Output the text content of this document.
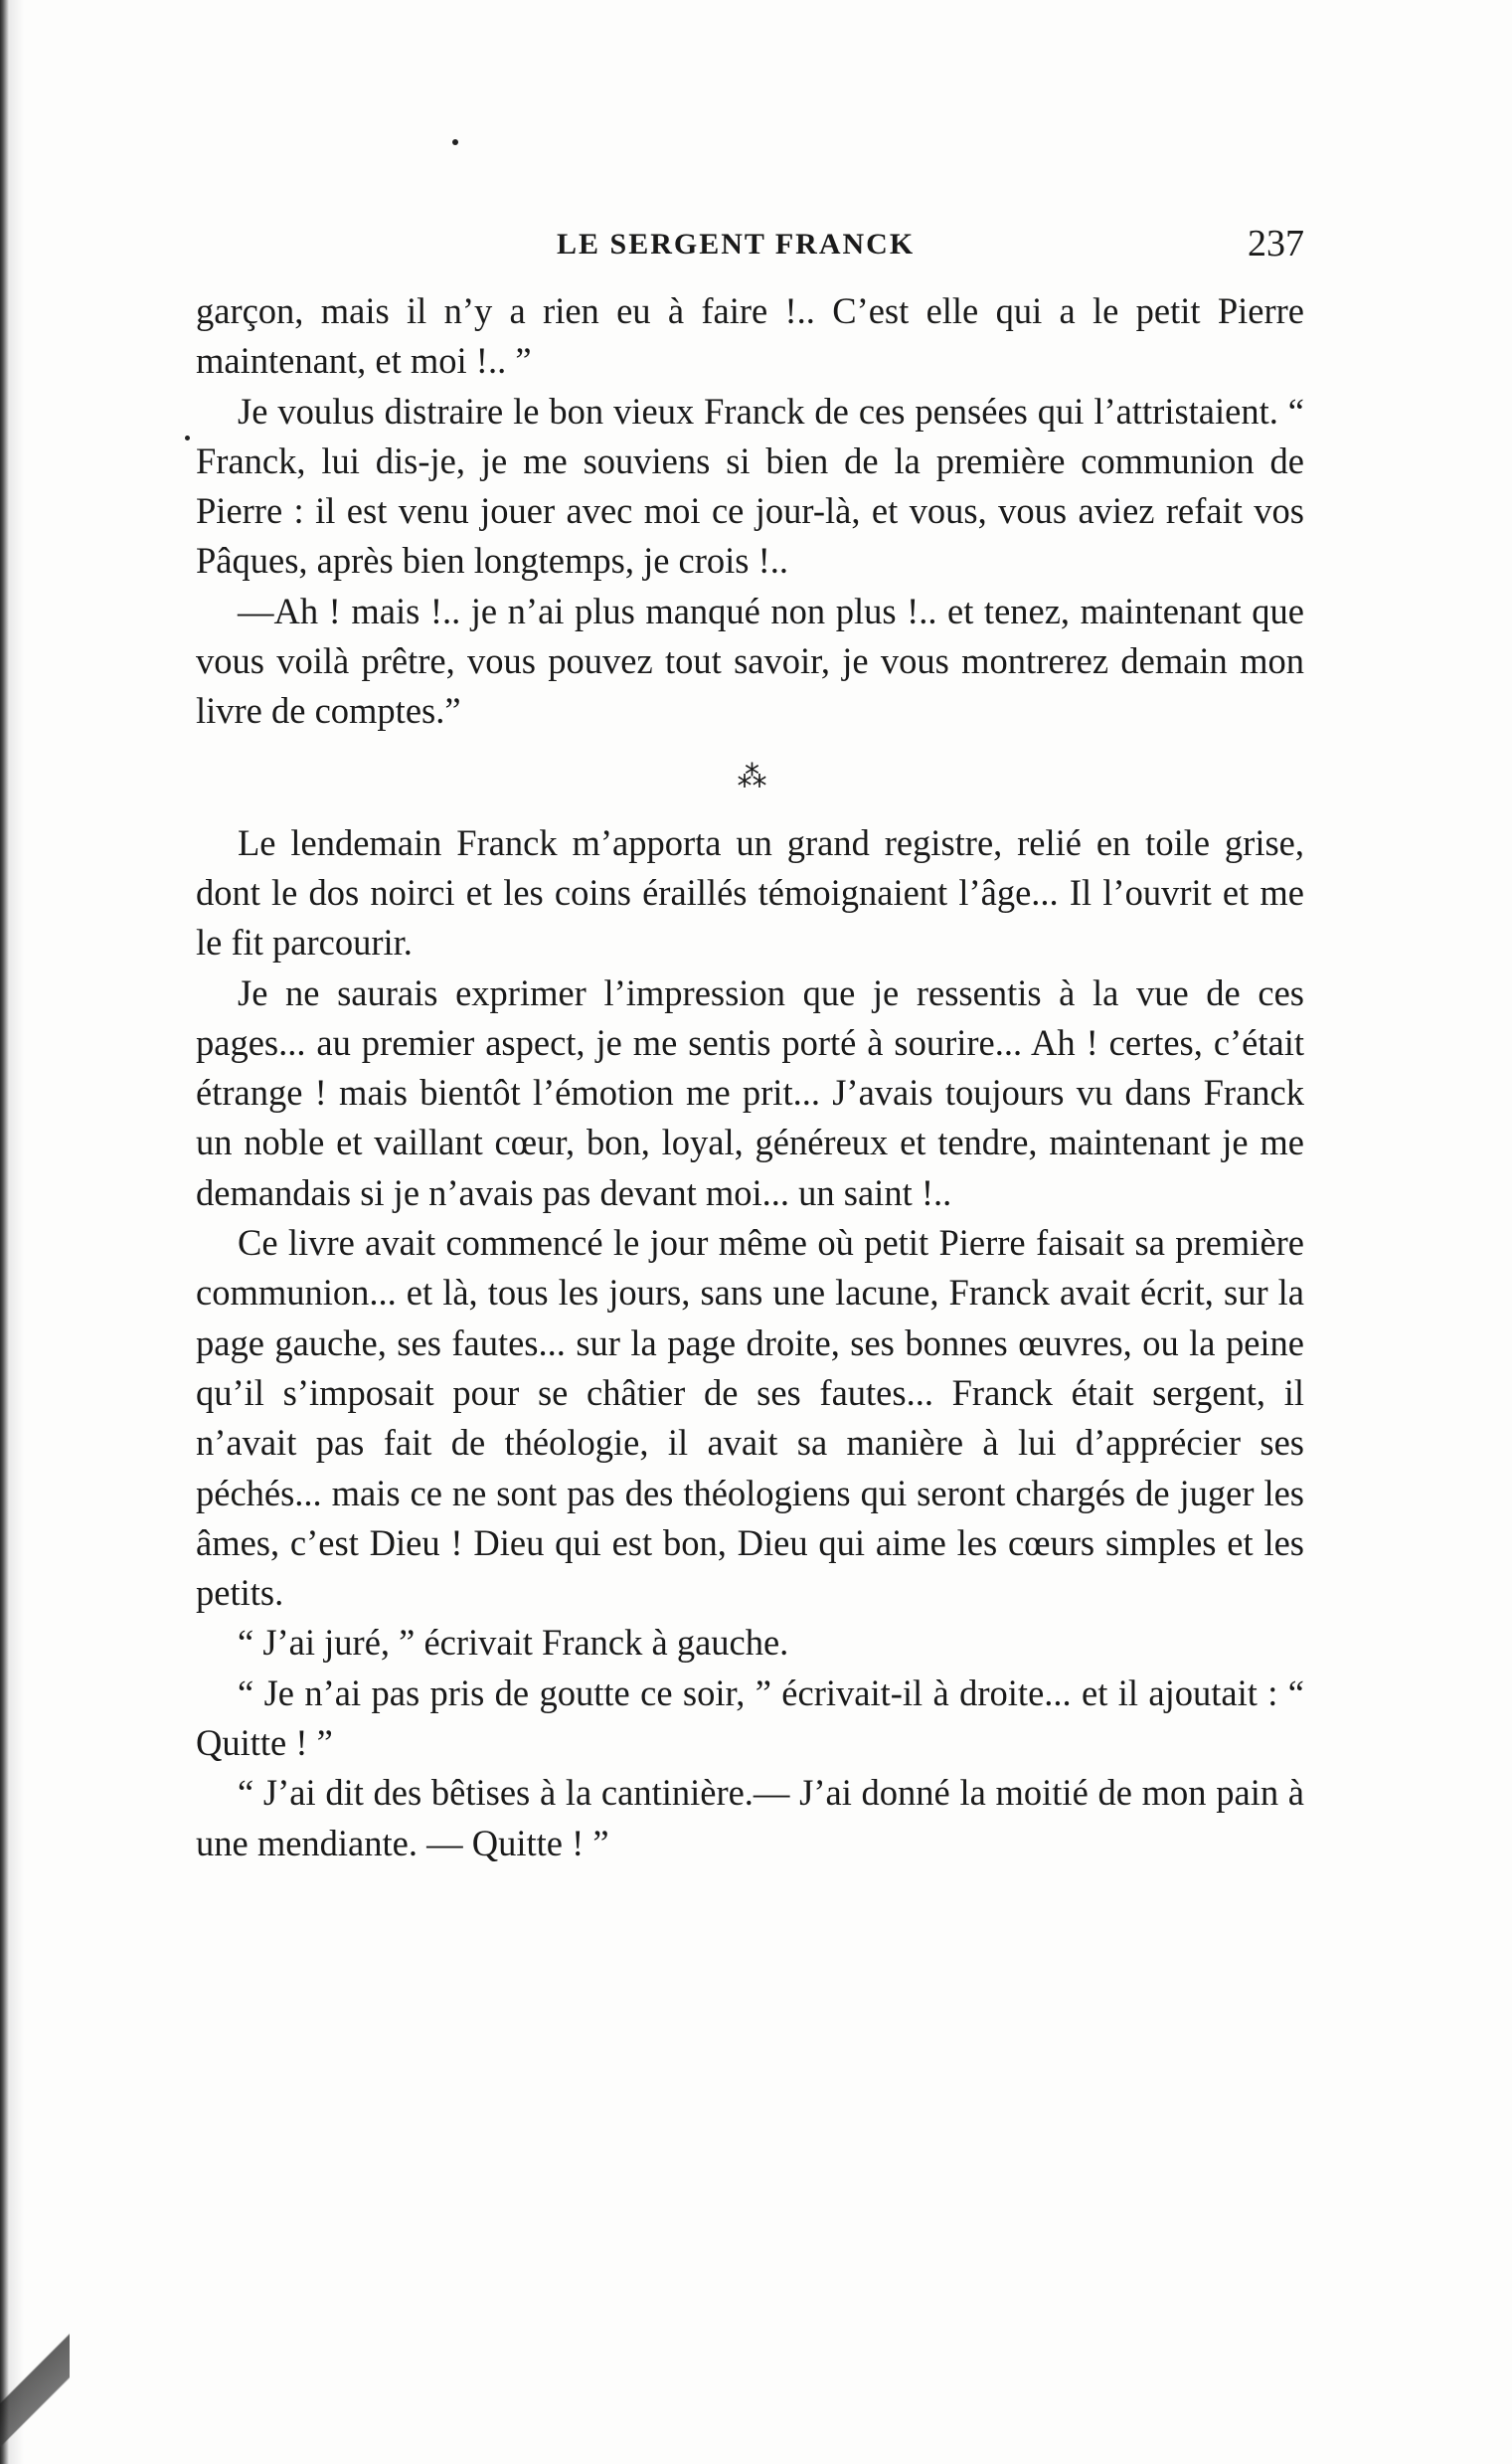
LE SERGENT FRANCK	237

garçon, mais il n’y a rien eu à faire !.. C’est elle qui a le petit Pierre maintenant, et moi !.. ”

Je voulus distraire le bon vieux Franck de ces pensées qui l’attristaient. “ Franck, lui dis-je, je me souviens si bien de la première communion de Pierre : il est venu jouer avec moi ce jour-là, et vous, vous aviez refait vos Pâques, après bien longtemps, je crois !..

—Ah ! mais !.. je n’ai plus manqué non plus !.. et tenez, maintenant que vous voilà prêtre, vous pouvez tout savoir, je vous montrerez demain mon livre de comptes.”

⁂

Le lendemain Franck m’apporta un grand registre, relié en toile grise, dont le dos noirci et les coins éraillés témoignaient l’âge... Il l’ouvrit et me le fit parcourir.

Je ne saurais exprimer l’impression que je ressentis à la vue de ces pages... au premier aspect, je me sentis porté à sourire... Ah ! certes, c’était étrange ! mais bientôt l’émotion me prit... J’avais toujours vu dans Franck un noble et vaillant cœur, bon, loyal, généreux et tendre, maintenant je me demandais si je n’avais pas devant moi... un saint !..

Ce livre avait commencé le jour même où petit Pierre faisait sa première communion... et là, tous les jours, sans une lacune, Franck avait écrit, sur la page gauche, ses fautes... sur la page droite, ses bonnes œuvres, ou la peine qu’il s’imposait pour se châtier de ses fautes... Franck était sergent, il n’avait pas fait de théologie, il avait sa manière à lui d’apprécier ses péchés... mais ce ne sont pas des théologiens qui seront chargés de juger les âmes, c’est Dieu ! Dieu qui est bon, Dieu qui aime les cœurs simples et les petits.

“ J’ai juré, ” écrivait Franck à gauche.

“ Je n’ai pas pris de goutte ce soir, ” écrivait-il à droite... et il ajoutait : “ Quitte ! ”

“ J’ai dit des bêtises à la cantinière.— J’ai donné la moitié de mon pain à une mendiante. — Quitte ! ”
